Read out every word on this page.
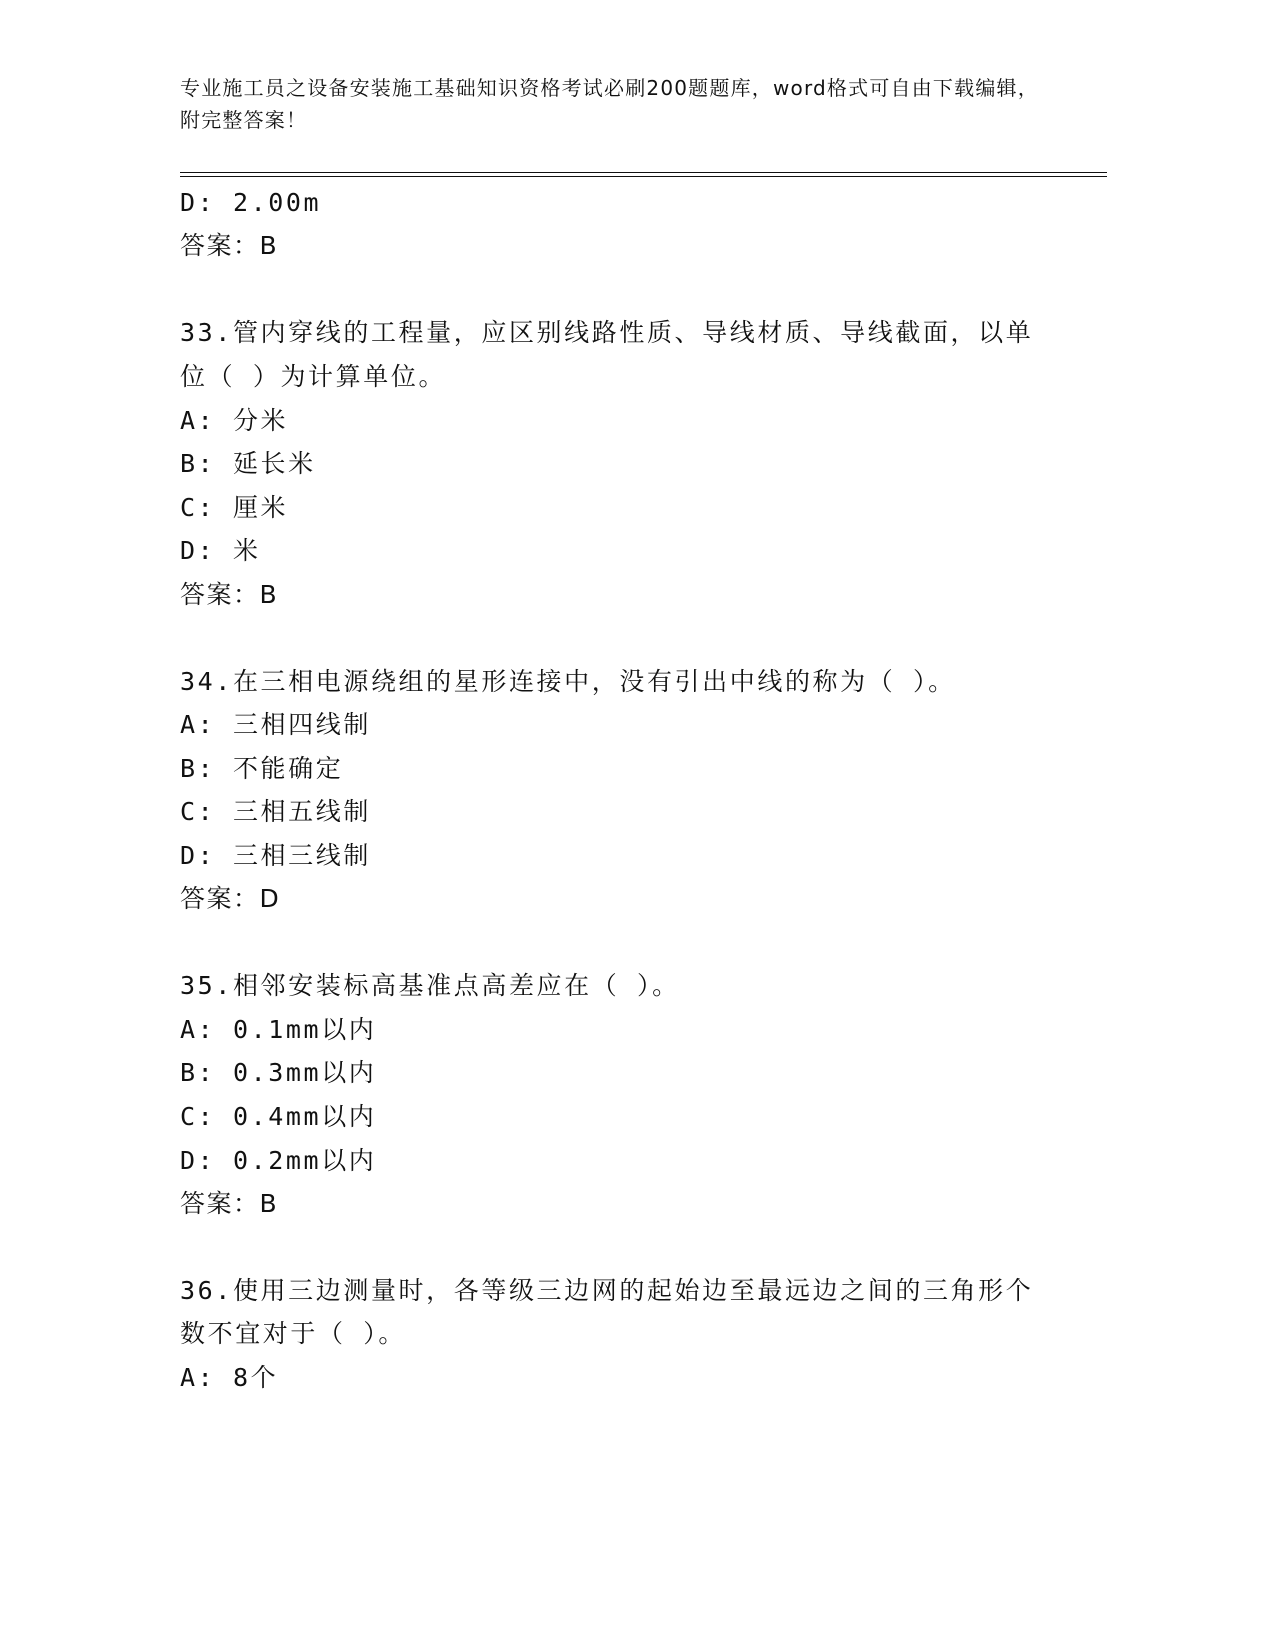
专业施工员之设备安装施工基础知识资格考试必刷200题题库，word格式可自由下载编辑，附完整答案！
D: 2.00m
答案：B
33.管内穿线的工程量，应区别线路性质、导线材质、导线截面，以单
位（ ）为计算单位。
A: 分米
B: 延长米
C: 厘米
D: 米
答案：B
34.在三相电源绕组的星形连接中，没有引出中线的称为（ ）。
A: 三相四线制
B: 不能确定
C: 三相五线制
D: 三相三线制
答案：D
35.相邻安装标高基准点高差应在（ ）。
A: 0.1mm以内
B: 0.3mm以内
C: 0.4mm以内
D: 0.2mm以内
答案：B
36.使用三边测量时，各等级三边网的起始边至最远边之间的三角形个
数不宜对于（ ）。
A: 8个
